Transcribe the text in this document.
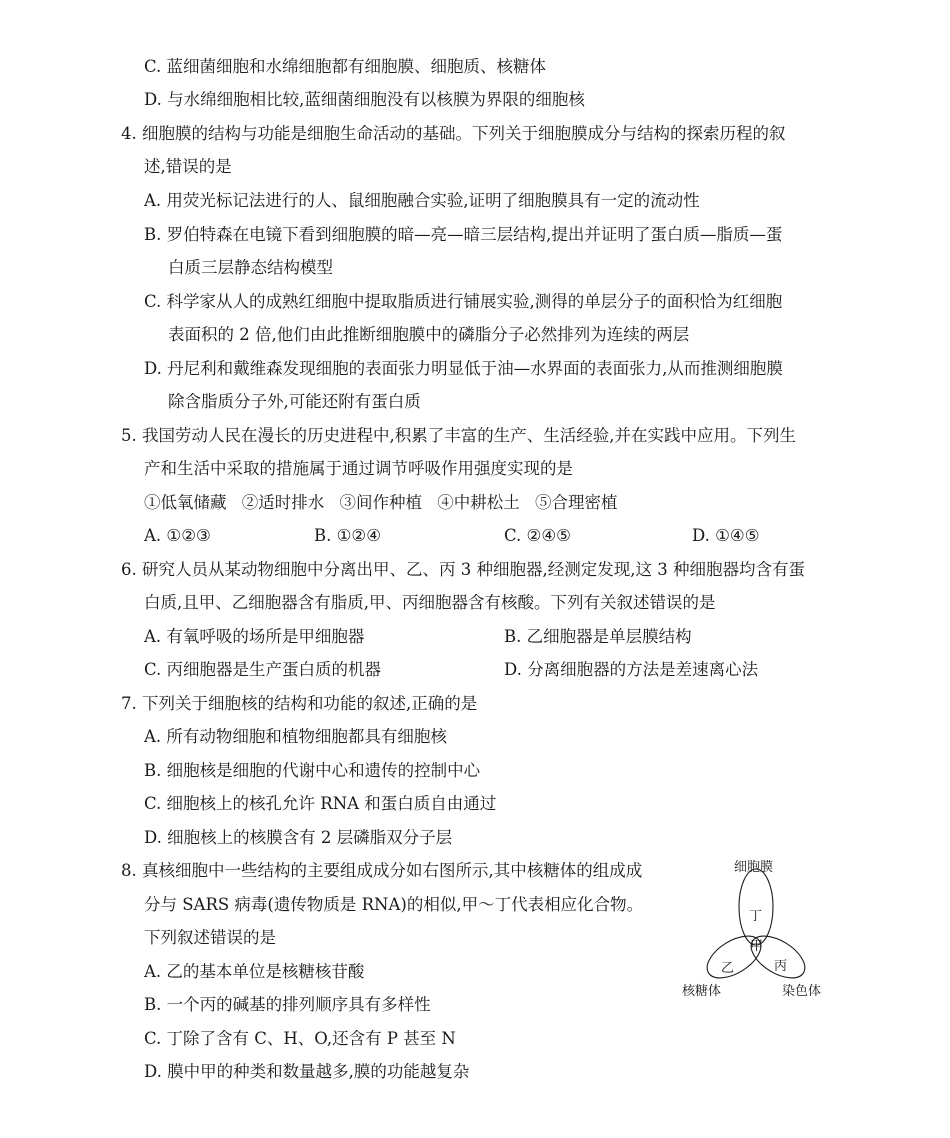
C. 蓝细菌细胞和水绵细胞都有细胞膜、细胞质、核糖体
D. 与水绵细胞相比较,蓝细菌细胞没有以核膜为界限的细胞核
4. 细胞膜的结构与功能是细胞生命活动的基础。下列关于细胞膜成分与结构的探索历程的叙
述,错误的是
A. 用荧光标记法进行的人、鼠细胞融合实验,证明了细胞膜具有一定的流动性
B. 罗伯特森在电镜下看到细胞膜的暗—亮—暗三层结构,提出并证明了蛋白质—脂质—蛋
白质三层静态结构模型
C. 科学家从人的成熟红细胞中提取脂质进行铺展实验,测得的单层分子的面积恰为红细胞
表面积的 2 倍,他们由此推断细胞膜中的磷脂分子必然排列为连续的两层
D. 丹尼利和戴维森发现细胞的表面张力明显低于油—水界面的表面张力,从而推测细胞膜
除含脂质分子外,可能还附有蛋白质
5. 我国劳动人民在漫长的历史进程中,积累了丰富的生产、生活经验,并在实践中应用。下列生
产和生活中采取的措施属于通过调节呼吸作用强度实现的是
①低氧储藏 ②适时排水 ③间作种植 ④中耕松土 ⑤合理密植
A. ①②③	B. ①②④	C. ②④⑤	D. ①④⑤
6. 研究人员从某动物细胞中分离出甲、乙、丙 3 种细胞器,经测定发现,这 3 种细胞器均含有蛋
白质,且甲、乙细胞器含有脂质,甲、丙细胞器含有核酸。下列有关叙述错误的是
A. 有氧呼吸的场所是甲细胞器	B. 乙细胞器是单层膜结构
C. 丙细胞器是生产蛋白质的机器	D. 分离细胞器的方法是差速离心法
7. 下列关于细胞核的结构和功能的叙述,正确的是
A. 所有动物细胞和植物细胞都具有细胞核
B. 细胞核是细胞的代谢中心和遗传的控制中心
C. 细胞核上的核孔允许 RNA 和蛋白质自由通过
D. 细胞核上的核膜含有 2 层磷脂双分子层
8. 真核细胞中一些结构的主要组成成分如右图所示,其中核糖体的组成成
分与 SARS 病毒(遗传物质是 RNA)的相似,甲～丁代表相应化合物。
下列叙述错误的是
A. 乙的基本单位是核糖核苷酸
B. 一个丙的碱基的排列顺序具有多样性
C. 丁除了含有 C、H、O,还含有 P 甚至 N
D. 膜中甲的种类和数量越多,膜的功能越复杂
细胞膜
核糖体	染色体
丁
甲
乙	丙
